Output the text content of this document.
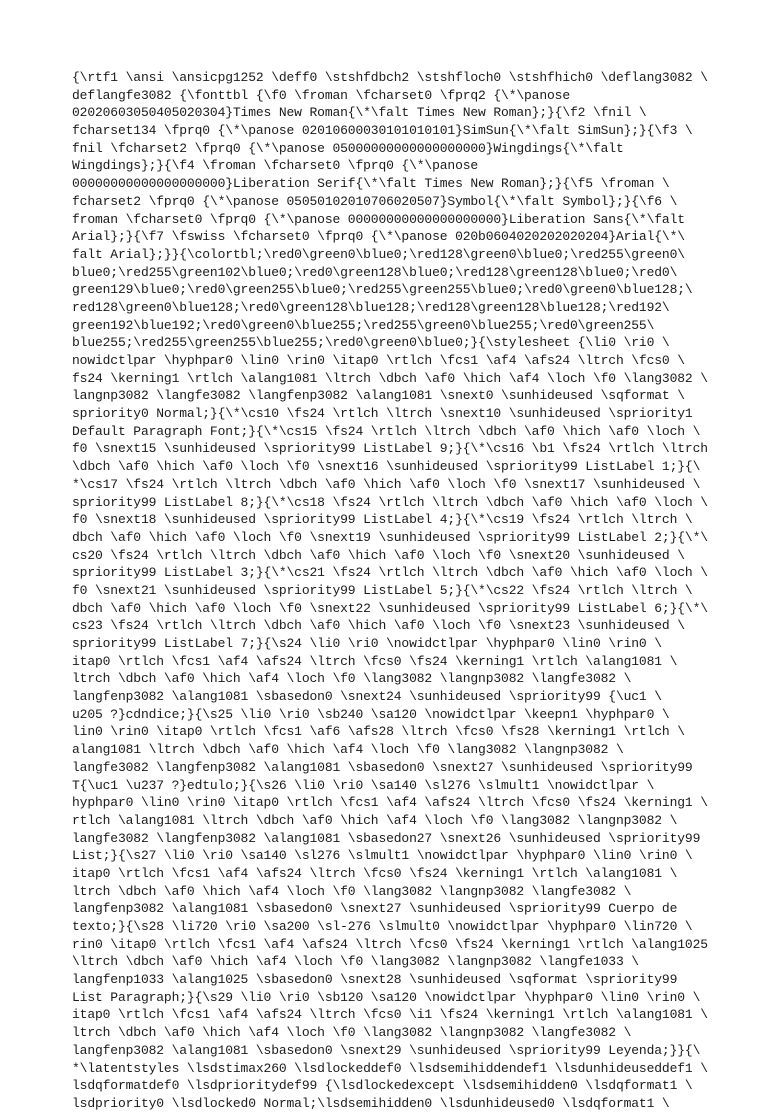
{\rtf1 \ansi \ansicpg1252 \deff0 \stshfdbch2 \stshfloch0 \stshfhich0 \deflang3082 \
deflangfe3082 {\fonttbl {\f0 \froman \fcharset0 \fprq2 {\*\panose
02020603050405020304}Times New Roman{\*\falt Times New Roman};}{\f2 \fnil \
fcharset134 \fprq0 {\*\panose 02010600030101010101}SimSun{\*\falt SimSun};}{\f3 \
fnil \fcharset2 \fprq0 {\*\panose 05000000000000000000}Wingdings{\*\falt
Wingdings};}{\f4 \froman \fcharset0 \fprq0 {\*\panose
00000000000000000000}Liberation Serif{\*\falt Times New Roman};}{\f5 \froman \
fcharset2 \fprq0 {\*\panose 05050102010706020507}Symbol{\*\falt Symbol};}{\f6 \
froman \fcharset0 \fprq0 {\*\panose 00000000000000000000}Liberation Sans{\*\falt
Arial};}{\f7 \fswiss \fcharset0 \fprq0 {\*\panose 020b0604020202020204}Arial{\*\
falt Arial};}}{\colortbl;\red0\green0\blue0;\red128\green0\blue0;\red255\green0\
blue0;\red255\green102\blue0;\red0\green128\blue0;\red128\green128\blue0;\red0\
green129\blue0;\red0\green255\blue0;\red255\green255\blue0;\red0\green0\blue128;\
red128\green0\blue128;\red0\green128\blue128;\red128\green128\blue128;\red192\
green192\blue192;\red0\green0\blue255;\red255\green0\blue255;\red0\green255\
blue255;\red255\green255\blue255;\red0\green0\blue0;}{\stylesheet {\li0 \ri0 \
nowidctlpar \hyphpar0 \lin0 \rin0 \itap0 \rtlch \fcs1 \af4 \afs24 \ltrch \fcs0 \
fs24 \kerning1 \rtlch \alang1081 \ltrch \dbch \af0 \hich \af4 \loch \f0 \lang3082 \
langnp3082 \langfe3082 \langfenp3082 \alang1081 \snext0 \sunhideused \sqformat \
spriority0 Normal;}{\*\cs10 \fs24 \rtlch \ltrch \snext10 \sunhideused \spriority1
Default Paragraph Font;}{\*\cs15 \fs24 \rtlch \ltrch \dbch \af0 \hich \af0 \loch \
f0 \snext15 \sunhideused \spriority99 ListLabel 9;}{\*\cs16 \b1 \fs24 \rtlch \ltrch
\dbch \af0 \hich \af0 \loch \f0 \snext16 \sunhideused \spriority99 ListLabel 1;}{\
*\cs17 \fs24 \rtlch \ltrch \dbch \af0 \hich \af0 \loch \f0 \snext17 \sunhideused \
spriority99 ListLabel 8;}{\*\cs18 \fs24 \rtlch \ltrch \dbch \af0 \hich \af0 \loch \
f0 \snext18 \sunhideused \spriority99 ListLabel 4;}{\*\cs19 \fs24 \rtlch \ltrch \
dbch \af0 \hich \af0 \loch \f0 \snext19 \sunhideused \spriority99 ListLabel 2;}{\*\
cs20 \fs24 \rtlch \ltrch \dbch \af0 \hich \af0 \loch \f0 \snext20 \sunhideused \
spriority99 ListLabel 3;}{\*\cs21 \fs24 \rtlch \ltrch \dbch \af0 \hich \af0 \loch \
f0 \snext21 \sunhideused \spriority99 ListLabel 5;}{\*\cs22 \fs24 \rtlch \ltrch \
dbch \af0 \hich \af0 \loch \f0 \snext22 \sunhideused \spriority99 ListLabel 6;}{\*\
cs23 \fs24 \rtlch \ltrch \dbch \af0 \hich \af0 \loch \f0 \snext23 \sunhideused \
spriority99 ListLabel 7;}{\s24 \li0 \ri0 \nowidctlpar \hyphpar0 \lin0 \rin0 \
itap0 \rtlch \fcs1 \af4 \afs24 \ltrch \fcs0 \fs24 \kerning1 \rtlch \alang1081 \
ltrch \dbch \af0 \hich \af4 \loch \f0 \lang3082 \langnp3082 \langfe3082 \
langfenp3082 \alang1081 \sbasedon0 \snext24 \sunhideused \spriority99 {\uc1 \
u205 ?}cdndice;}{\s25 \li0 \ri0 \sb240 \sa120 \nowidctlpar \keepn1 \hyphpar0 \
lin0 \rin0 \itap0 \rtlch \fcs1 \af6 \afs28 \ltrch \fcs0 \fs28 \kerning1 \rtlch \
alang1081 \ltrch \dbch \af0 \hich \af4 \loch \f0 \lang3082 \langnp3082 \
langfe3082 \langfenp3082 \alang1081 \sbasedon0 \snext27 \sunhideused \spriority99
T{\uc1 \u237 ?}edtulo;}{\s26 \li0 \ri0 \sa140 \sl276 \slmult1 \nowidctlpar \
hyphpar0 \lin0 \rin0 \itap0 \rtlch \fcs1 \af4 \afs24 \ltrch \fcs0 \fs24 \kerning1 \
rtlch \alang1081 \ltrch \dbch \af0 \hich \af4 \loch \f0 \lang3082 \langnp3082 \
langfe3082 \langfenp3082 \alang1081 \sbasedon27 \snext26 \sunhideused \spriority99
List;}{\s27 \li0 \ri0 \sa140 \sl276 \slmult1 \nowidctlpar \hyphpar0 \lin0 \rin0 \
itap0 \rtlch \fcs1 \af4 \afs24 \ltrch \fcs0 \fs24 \kerning1 \rtlch \alang1081 \
ltrch \dbch \af0 \hich \af4 \loch \f0 \lang3082 \langnp3082 \langfe3082 \
langfenp3082 \alang1081 \sbasedon0 \snext27 \sunhideused \spriority99 Cuerpo de
texto;}{\s28 \li720 \ri0 \sa200 \sl-276 \slmult0 \nowidctlpar \hyphpar0 \lin720 \
rin0 \itap0 \rtlch \fcs1 \af4 \afs24 \ltrch \fcs0 \fs24 \kerning1 \rtlch \alang1025
\ltrch \dbch \af0 \hich \af4 \loch \f0 \lang3082 \langnp3082 \langfe1033 \
langfenp1033 \alang1025 \sbasedon0 \snext28 \sunhideused \sqformat \spriority99
List Paragraph;}{\s29 \li0 \ri0 \sb120 \sa120 \nowidctlpar \hyphpar0 \lin0 \rin0 \
itap0 \rtlch \fcs1 \af4 \afs24 \ltrch \fcs0 \i1 \fs24 \kerning1 \rtlch \alang1081 \
ltrch \dbch \af0 \hich \af4 \loch \f0 \lang3082 \langnp3082 \langfe3082 \
langfenp3082 \alang1081 \sbasedon0 \snext29 \sunhideused \spriority99 Leyenda;}}{\
*\latentstyles \lsdstimax260 \lsdlockeddef0 \lsdsemihiddendef1 \lsdunhideuseddef1 \
lsdqformatdef0 \lsdprioritydef99 {\lsdlockedexcept \lsdsemihidden0 \lsdqformat1 \
lsdpriority0 \lsdlocked0 Normal;\lsdsemihidden0 \lsdunhideused0 \lsdqformat1 \
